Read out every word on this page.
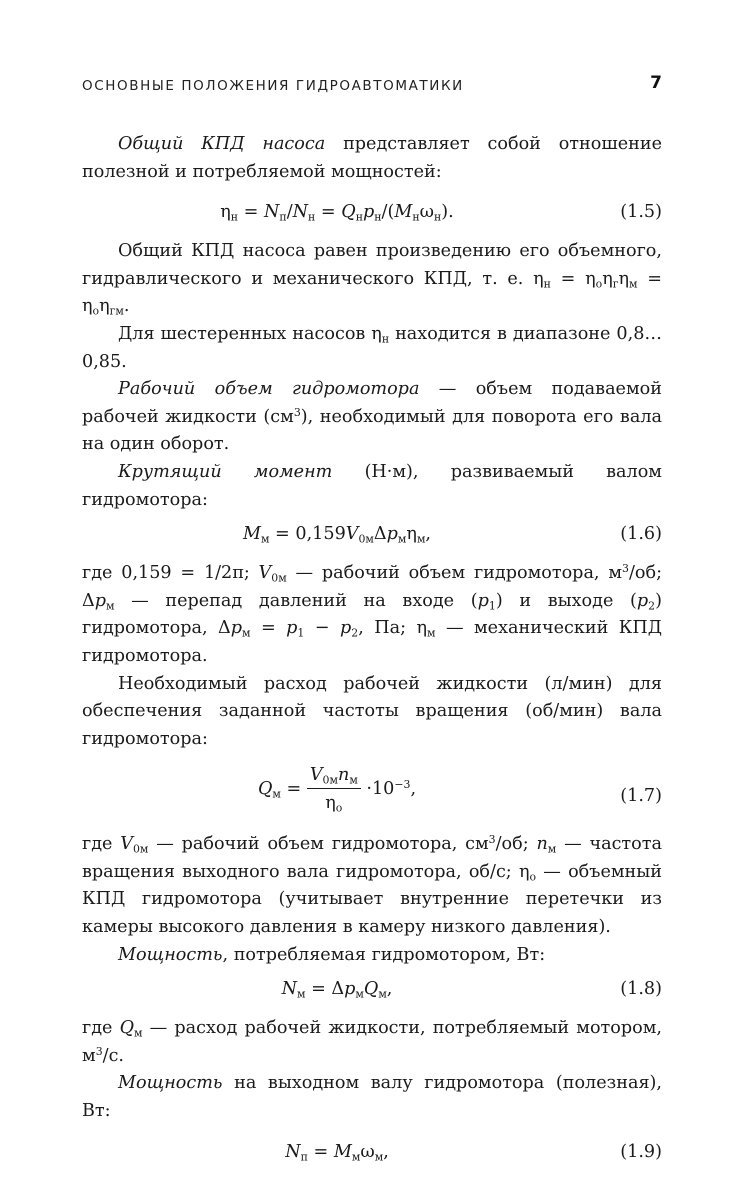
ОСНОВНЫЕ ПОЛОЖЕНИЯ ГИДРОАВТОМАТИКИ	7

Общий КПД насоса представляет собой отношение полезной и потребляемой мощностей:

$\eta_н = N_п/N_н = Q_нp_н/(M_н\omega_н)$.	(1.5)

Общий КПД насоса равен произведению его объемного, гидравлического и механического КПД, т. е. $\eta_н = \eta_о\eta_г\eta_м = \eta_о\eta_{гм}$.

Для шестеренных насосов $\eta_н$ находится в диапазоне 0,8…0,85.

Рабочий объем гидромотора — объем подаваемой рабочей жидкости $(см^3)$, необходимый для поворота его вала на один оборот.

Крутящий момент (Н·м), развиваемый валом гидромотора:

$M_м = 0,159V_{0м}\Delta p_м\eta_м$,	(1.6)

где 0,159 = 1/2π; $V_{0м}$ — рабочий объем гидромотора, $м^3/об$; $\Delta p_м$ — перепад давлений на входе $(p_1)$ и выходе $(p_2)$ гидромотора, $\Delta p_м = p_1 - p_2$, Па; $\eta_м$ — механический КПД гидромотора.

Необходимый расход рабочей жидкости (л/мин) для обеспечения заданной частоты вращения (об/мин) вала гидромотора:

$Q_м = \frac{V_{0м}n_м}{\eta_о} \cdot 10^{-3}$,	(1.7)

где $V_{0м}$ — рабочий объем гидромотора, $см^3/об$; $n_м$ — частота вращения выходного вала гидромотора, об/с; $\eta_о$ — объемный КПД гидромотора (учитывает внутренние перетечки из камеры высокого давления в камеру низкого давления).

Мощность, потребляемая гидромотором, Вт:

$N_м = \Delta p_мQ_м$,	(1.8)

где $Q_м$ — расход рабочей жидкости, потребляемый мотором, $м^3/с$.

Мощность на выходном валу гидромотора (полезная), Вт:

$N_п = M_м\omega_м$,	(1.9)
